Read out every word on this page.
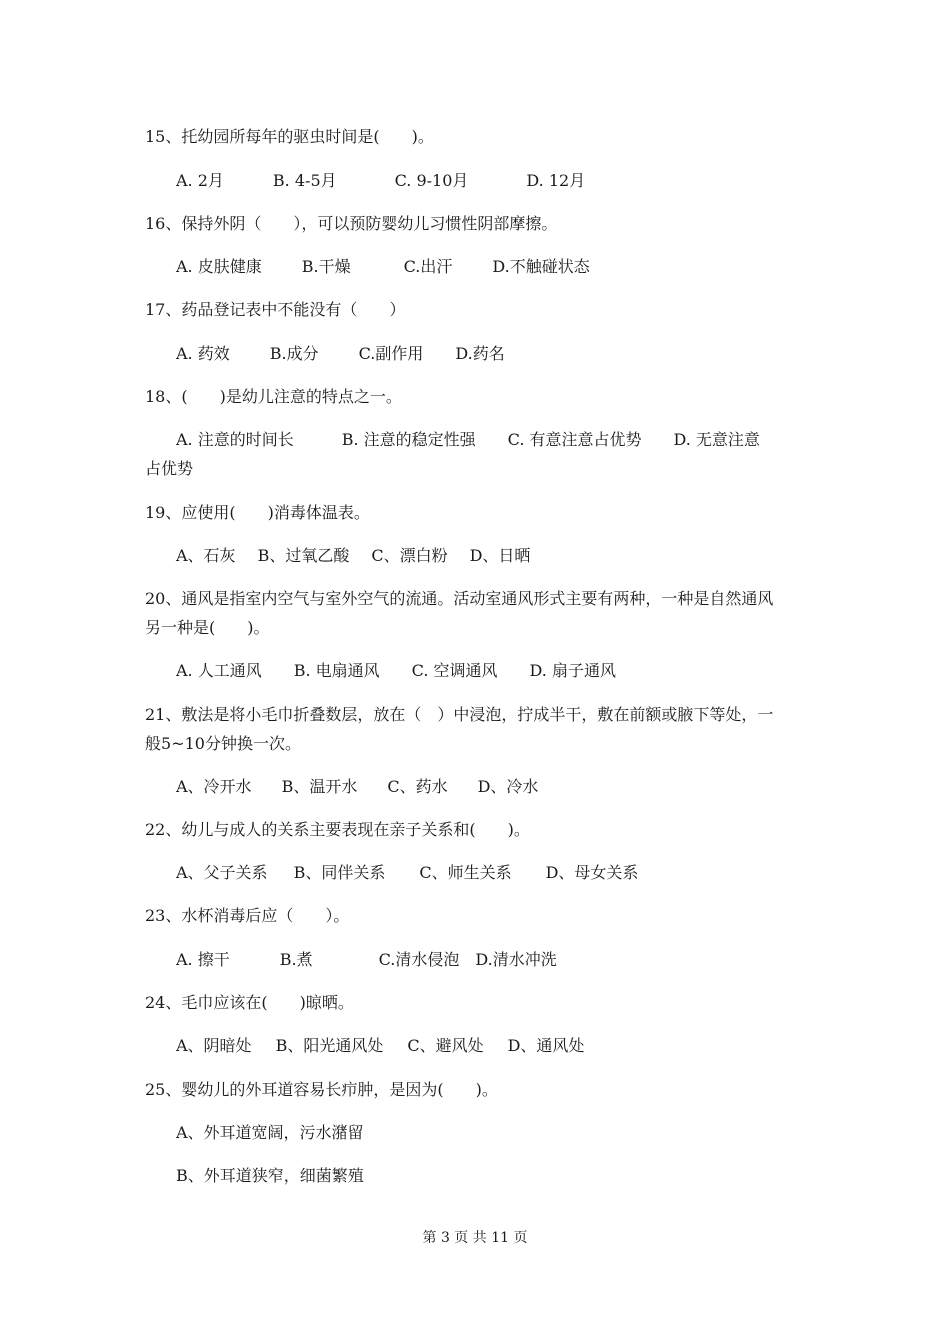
15、托幼园所每年的驱虫时间是(　　)。
A. 2月	B. 4-5月	C. 9-10月	D. 12月
16、保持外阴（　　），可以预防婴幼儿习惯性阴部摩擦。
A. 皮肤健康	B.干燥	C.出汗	D.不触碰状态
17、药品登记表中不能没有（　　）
A. 药效	B.成分	C.副作用 D.药名
18、(　　)是幼儿注意的特点之一。
A. 注意的时间长　　　B. 注意的稳定性强　　C. 有意注意占优势　　D. 无意注意
占优势
19、应使用(　　)消毒体温表。
A、石灰 B、过氧乙酸 C、漂白粉 D、日晒
20、通风是指室内空气与室外空气的流通。活动室通风形式主要有两种，一种是自然通风
另一种是(　　)。
A. 人工通风 B. 电扇通风 C. 空调通风 D. 扇子通风
21、敷法是将小毛巾折叠数层，放在（　）中浸泡，拧成半干，敷在前额或腋下等处，一
般5~10分钟换一次。
A、冷开水 B、温开水 C、药水 D、冷水
22、幼儿与成人的关系主要表现在亲子关系和(　　)。
A、父子关系 B、同伴关系 C、师生关系 D、母女关系
23、水杯消毒后应（　　）。
A. 擦干	B.煮	C.清水侵泡 D.清水冲洗
24、毛巾应该在(　　)晾晒。
A、阴暗处 B、阳光通风处 C、避风处 D、通风处
25、婴幼儿的外耳道容易长疖肿，是因为(　　)。
A、外耳道宽阔，污水潴留
B、外耳道狭窄，细菌繁殖
第 3 页 共 11 页
